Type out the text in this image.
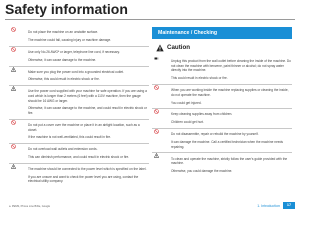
Safety information
Do not place the machine on an unstable surface.
The machine could fall, causing injury or machine damage.
Use only No.26 AWGª or larger, telephone line cord, if necessary.
Otherwise, it can cause damage to the machine.
Make sure you plug the power cord into a grounded electrical outlet.
Otherwise, this could result in electric shock or fire.
Use the power cord supplied with your machine for safe operation. If you are using a cord which is longer than 2 meters (6 feet) with a 110V machine, then the gauge should be 16 AWG or larger.
Otherwise, it can cause damage to the machine, and could result in electric shock or fire.
Do not put a cover over the machine or place it in an airtight location, such as a closet.
If the machine is not well-ventilated, this could result in fire.
Do not overload wall outlets and extension cords.
This can diminish performance, and could result in electric shock or fire.
The machine should be connected to the power level which is specified on the label.
If you are unsure and want to check the power level you are using, contact the electrical utility company.
Maintenance / Checking
Caution
Unplug this product from the wall outlet before cleaning the inside of the machine. Do not clean the machine with benzene, paint thinner or alcohol; do not spray water directly into the machine.
This could result in electric shock or fire.
When you are working inside the machine replacing supplies or cleaning the inside, do not operate the machine.
You could get injured.
Keep cleaning supplies away from children.
Children could get hurt.
Do not disassemble, repair or rebuild the machine by yourself.
It can damage the machine. Call a certified technician when the machine needs repairing.
To clean and operate the machine, strictly follow the user's guide provided with the machine.
Otherwise, you could damage the machine.
a. PEMS, Phone Line Bible, Google	1. Introduction	17
